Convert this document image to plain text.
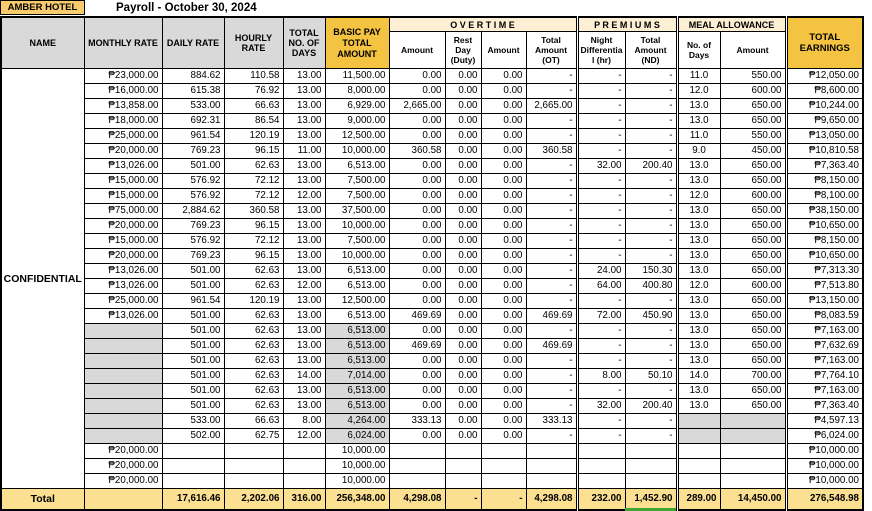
AMBER HOTEL	Payroll - October 30, 2024
NAME	MONTHLY RATE	DAILY RATE	HOURLY RATE	TOTAL NO. OF DAYS	BASIC PAY TOTAL AMOUNT	O V E R T I M E				P R E M I U M S		MEAL ALLOWANCE		TOTAL EARNINGS
						Amount	Rest Day (Duty)	Amount	Total Amount (OT)	Night Differential (hr)	Total Amount (ND)	No. of Days	Amount	
CONFIDENTIAL	₱23,000.00	884.62	110.58	13.00	11,500.00	0.00	0.00	0.00	-	-	-	11.0	550.00	₱12,050.00
	₱16,000.00	615.38	76.92	13.00	8,000.00	0.00	0.00	0.00	-	-	-	12.0	600.00	₱8,600.00
	₱13,858.00	533.00	66.63	13.00	6,929.00	2,665.00	0.00	0.00	2,665.00	-	-	13.0	650.00	₱10,244.00
	₱18,000.00	692.31	86.54	13.00	9,000.00	0.00	0.00	0.00	-	-	-	13.0	650.00	₱9,650.00
	₱25,000.00	961.54	120.19	13.00	12,500.00	0.00	0.00	0.00	-	-	-	11.0	550.00	₱13,050.00
	₱20,000.00	769.23	96.15	11.00	10,000.00	360.58	0.00	0.00	360.58	-	-	9.0	450.00	₱10,810.58
	₱13,026.00	501.00	62.63	13.00	6,513.00	0.00	0.00	0.00	-	32.00	200.40	13.0	650.00	₱7,363.40
	₱15,000.00	576.92	72.12	13.00	7,500.00	0.00	0.00	0.00	-	-	-	13.0	650.00	₱8,150.00
	₱15,000.00	576.92	72.12	12.00	7,500.00	0.00	0.00	0.00	-	-	-	12.0	600.00	₱8,100.00
	₱75,000.00	2,884.62	360.58	13.00	37,500.00	0.00	0.00	0.00	-	-	-	13.0	650.00	₱38,150.00
	₱20,000.00	769.23	96.15	13.00	10,000.00	0.00	0.00	0.00	-	-	-	13.0	650.00	₱10,650.00
	₱15,000.00	576.92	72.12	13.00	7,500.00	0.00	0.00	0.00	-	-	-	13.0	650.00	₱8,150.00
	₱20,000.00	769.23	96.15	13.00	10,000.00	0.00	0.00	0.00	-	-	-	13.0	650.00	₱10,650.00
	₱13,026.00	501.00	62.63	13.00	6,513.00	0.00	0.00	0.00	-	24.00	150.30	13.0	650.00	₱7,313.30
	₱13,026.00	501.00	62.63	12.00	6,513.00	0.00	0.00	0.00	-	64.00	400.80	12.0	600.00	₱7,513.80
	₱25,000.00	961.54	120.19	13.00	12,500.00	0.00	0.00	0.00	-	-	-	13.0	650.00	₱13,150.00
	₱13,026.00	501.00	62.63	13.00	6,513.00	469.69	0.00	0.00	469.69	72.00	450.90	13.0	650.00	₱8,083.59
		501.00	62.63	13.00	6,513.00	0.00	0.00	0.00	-	-	-	13.0	650.00	₱7,163.00
		501.00	62.63	13.00	6,513.00	469.69	0.00	0.00	469.69	-	-	13.0	650.00	₱7,632.69
		501.00	62.63	13.00	6,513.00	0.00	0.00	0.00	-	-	-	13.0	650.00	₱7,163.00
		501.00	62.63	14.00	7,014.00	0.00	0.00	0.00	-	8.00	50.10	14.0	700.00	₱7,764.10
		501.00	62.63	13.00	6,513.00	0.00	0.00	0.00	-	-	-	13.0	650.00	₱7,163.00
		501.00	62.63	13.00	6,513.00	0.00	0.00	0.00	-	32.00	200.40	13.0	650.00	₱7,363.40
		533.00	66.63	8.00	4,264.00	333.13	0.00	0.00	333.13	-	-			₱4,597.13
		502.00	62.75	12.00	6,024.00	0.00	0.00	0.00	-	-	-			₱6,024.00
	₱20,000.00				10,000.00									₱10,000.00
	₱20,000.00				10,000.00									₱10,000.00
	₱20,000.00				10,000.00									₱10,000.00
Total		17,616.46	2,202.06	316.00	256,348.00	4,298.08	-	-	4,298.08	232.00	1,452.90	289.00	14,450.00	276,548.98
